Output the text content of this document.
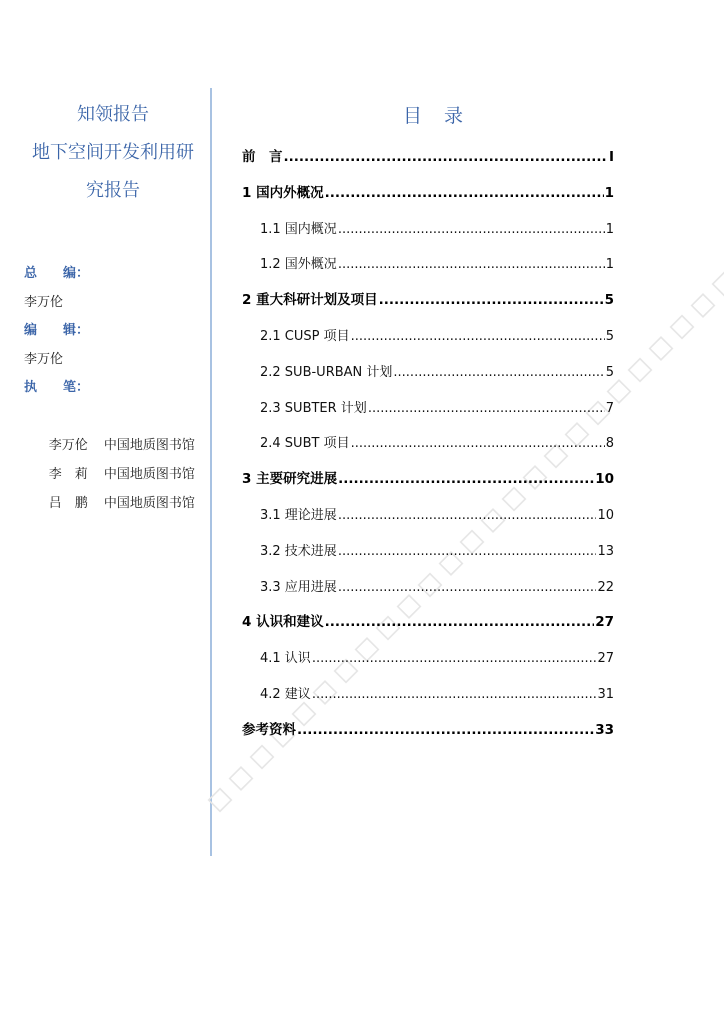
知领报告
地下空间开发利用研
究报告
总　　编：
李万伦
编　　辑：
李万伦
执　　笔：

李万伦 中国地质图书馆

李　莉 中国地质图书馆

吕　鹏 中国地质图书馆

目 录
前　言 .....	I
1 国内外概况 .....	1
1.1 国内概况 .....	1
1.2 国外概况 .....	1
2 重大科研计划及项目 .....	5
2.1 CUSP 项目 .....	5
2.2 SUB-URBAN 计划 .....	5
2.3 SUBTER 计划 .....	7
2.4 SUBT 项目 .....	8
3 主要研究进展 .....	10
3.1 理论进展 .....	10
3.2 技术进展 .....	13
3.3 应用进展 .....	22
4 认识和建议 .....	27
4.1 认识 .....	27
4.2 建议 .....	31
参考资料 .....	33
